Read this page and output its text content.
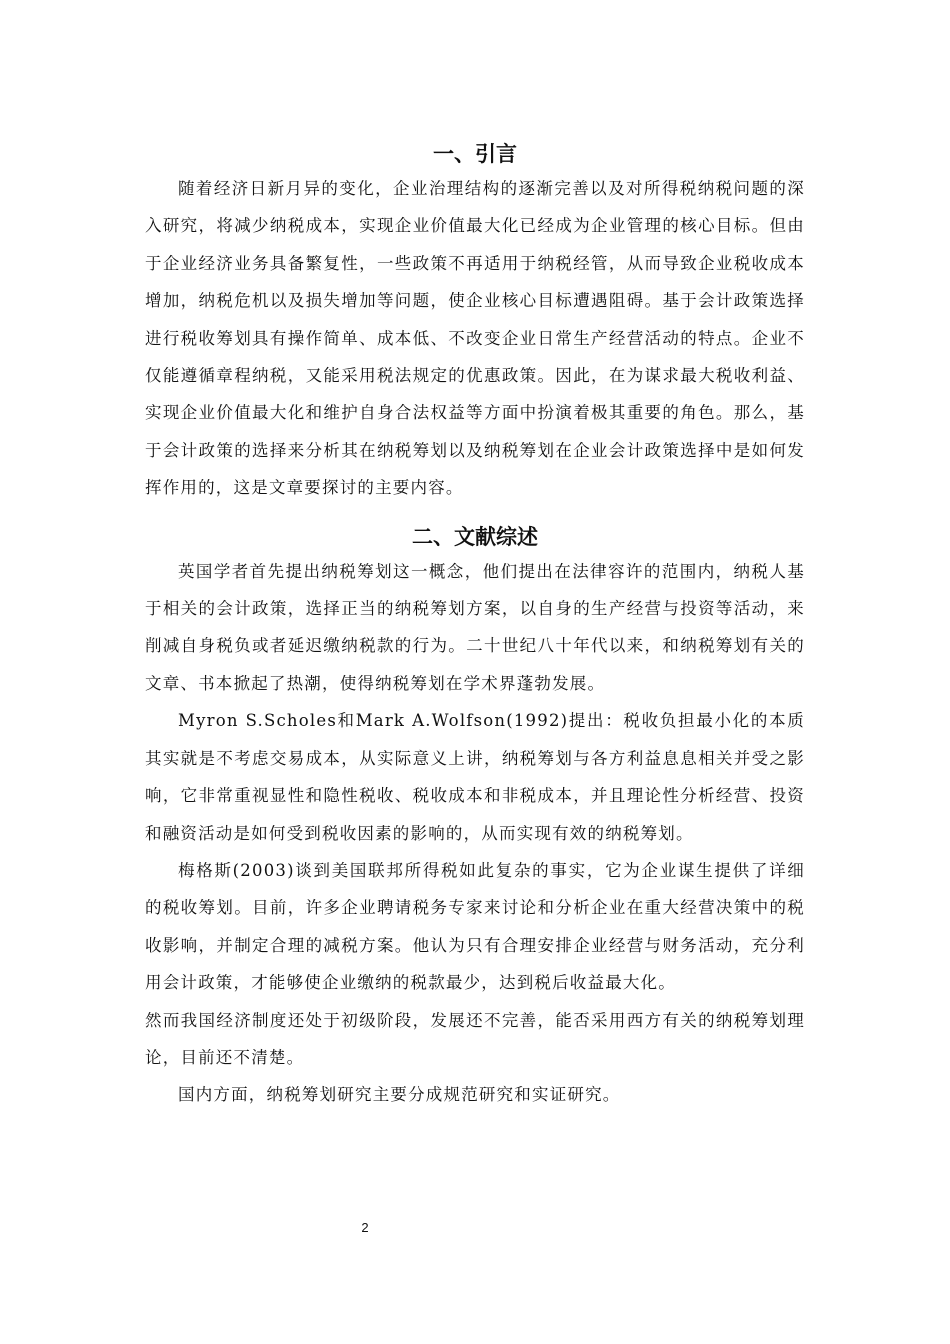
一、引言

随着经济日新月异的变化，企业治理结构的逐渐完善以及对所得税纳税问题的深入研究，将减少纳税成本，实现企业价值最大化已经成为企业管理的核心目标。但由于企业经济业务具备繁复性，一些政策不再适用于纳税经管，从而导致企业税收成本增加，纳税危机以及损失增加等问题，使企业核心目标遭遇阻碍。基于会计政策选择进行税收筹划具有操作简单、成本低、不改变企业日常生产经营活动的特点。企业不仅能遵循章程纳税，又能采用税法规定的优惠政策。因此，在为谋求最大税收利益、实现企业价值最大化和维护自身合法权益等方面中扮演着极其重要的角色。那么，基于会计政策的选择来分析其在纳税筹划以及纳税筹划在企业会计政策选择中是如何发挥作用的，这是文章要探讨的主要内容。

二、文献综述

英国学者首先提出纳税筹划这一概念，他们提出在法律容许的范围内，纳税人基于相关的会计政策，选择正当的纳税筹划方案，以自身的生产经营与投资等活动，来削减自身税负或者延迟缴纳税款的行为。二十世纪八十年代以来，和纳税筹划有关的文章、书本掀起了热潮，使得纳税筹划在学术界蓬勃发展。

Myron S.Scholes和Mark A.Wolfson(1992)提出：税收负担最小化的本质其实就是不考虑交易成本，从实际意义上讲，纳税筹划与各方利益息息相关并受之影响，它非常重视显性和隐性税收、税收成本和非税成本，并且理论性分析经营、投资和融资活动是如何受到税收因素的影响的，从而实现有效的纳税筹划。

梅格斯(2003)谈到美国联邦所得税如此复杂的事实，它为企业谋生提供了详细的税收筹划。目前，许多企业聘请税务专家来讨论和分析企业在重大经营决策中的税收影响，并制定合理的减税方案。他认为只有合理安排企业经营与财务活动，充分利用会计政策，才能够使企业缴纳的税款最少，达到税后收益最大化。

然而我国经济制度还处于初级阶段，发展还不完善，能否采用西方有关的纳税筹划理论，目前还不清楚。

国内方面，纳税筹划研究主要分成规范研究和实证研究。

2
